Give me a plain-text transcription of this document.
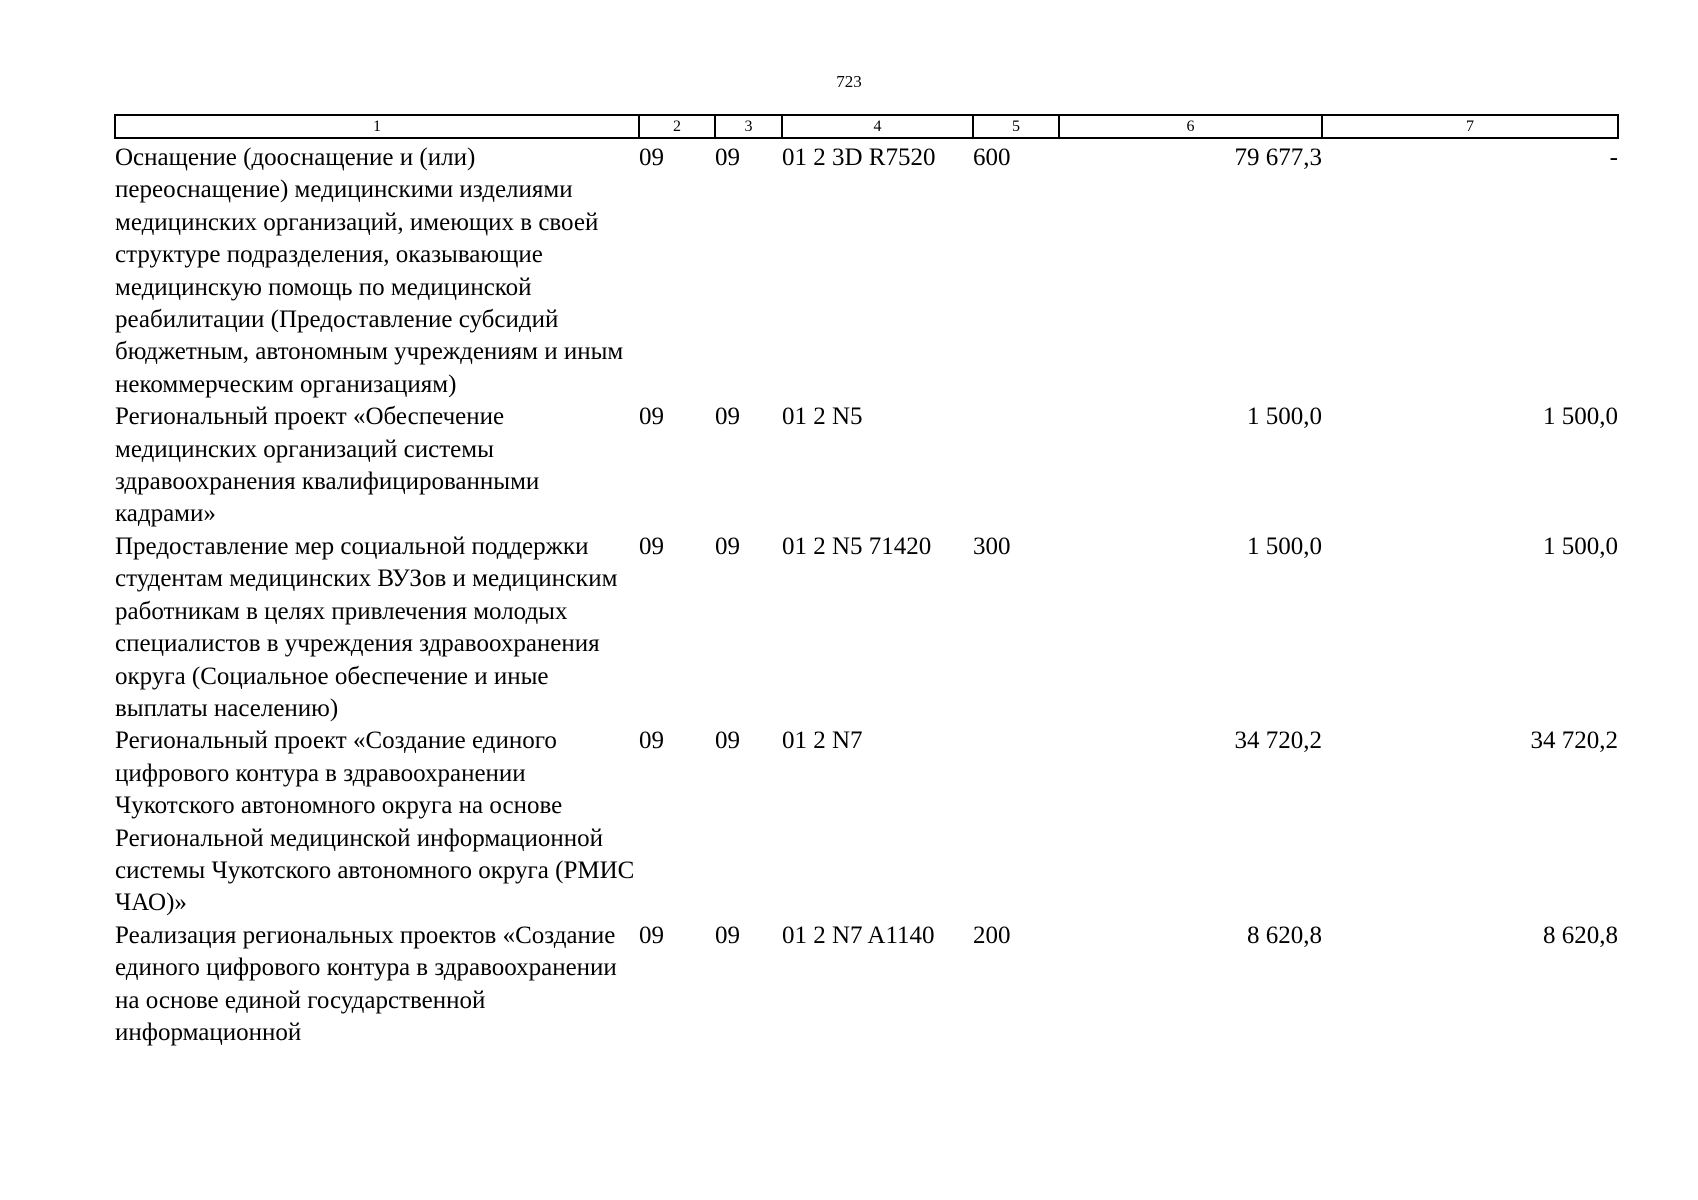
723
1	2	3	4	5	6	7
Оснащение (дооснащение и (или) переоснащение) медицинскими изделиями медицинских организаций, имеющих в своей структуре подразделения, оказывающие медицинскую помощь по медицинской реабилитации (Предоставление субсидий бюджетным, автономным учреждениям и иным некоммерческим организациям)	09	09	01 2 3D R7520	600	79 677,3	-
Региональный проект «Обеспечение медицинских организаций системы здравоохранения квалифицированными кадрами»	09	09	01 2 N5		1 500,0	1 500,0
Предоставление мер социальной поддержки студентам медицинских ВУЗов и медицинским работникам в целях привлечения молодых специалистов в учреждения здравоохранения округа (Социальное обеспечение и иные выплаты населению)	09	09	01 2 N5 71420	300	1 500,0	1 500,0
Региональный проект «Создание единого цифрового контура в здравоохранении Чукотского автономного округа на основе Региональной медицинской информационной системы Чукотского автономного округа (РМИС ЧАО)»	09	09	01 2 N7		34 720,2	34 720,2
Реализация региональных проектов «Создание единого цифрового контура в здравоохранении на основе единой государственной информационной	09	09	01 2 N7 A1140	200	8 620,8	8 620,8
